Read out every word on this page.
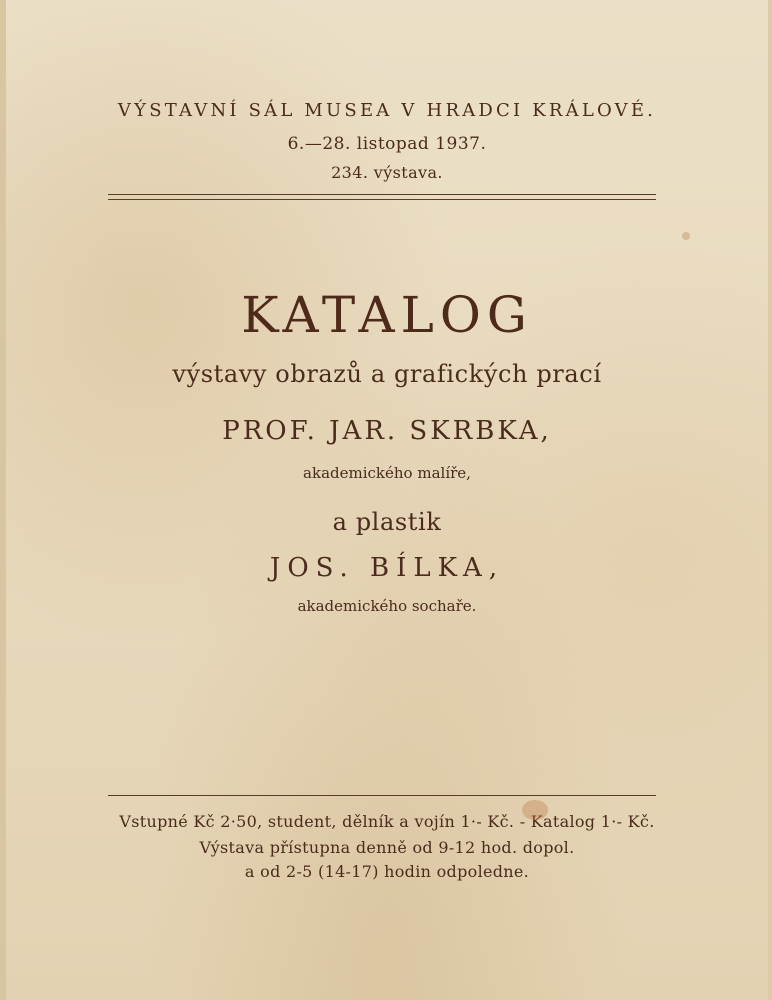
VÝSTAVNÍ SÁL MUSEA V HRADCI KRÁLOVÉ.
6.—28. listopad 1937.
234. výstava.
KATALOG
výstavy obrazů a grafických prací
PROF. JAR. SKRBKA,
akademického malíře,
a plastik
JOS. BÍLKA,
akademického sochaře.
Vstupné Kč 2·50, student, dělník a vojín 1·- Kč. - Katalog 1·- Kč.
Výstava přístupna denně od 9-12 hod. dopol.
a od 2-5 (14-17) hodin odpoledne.
